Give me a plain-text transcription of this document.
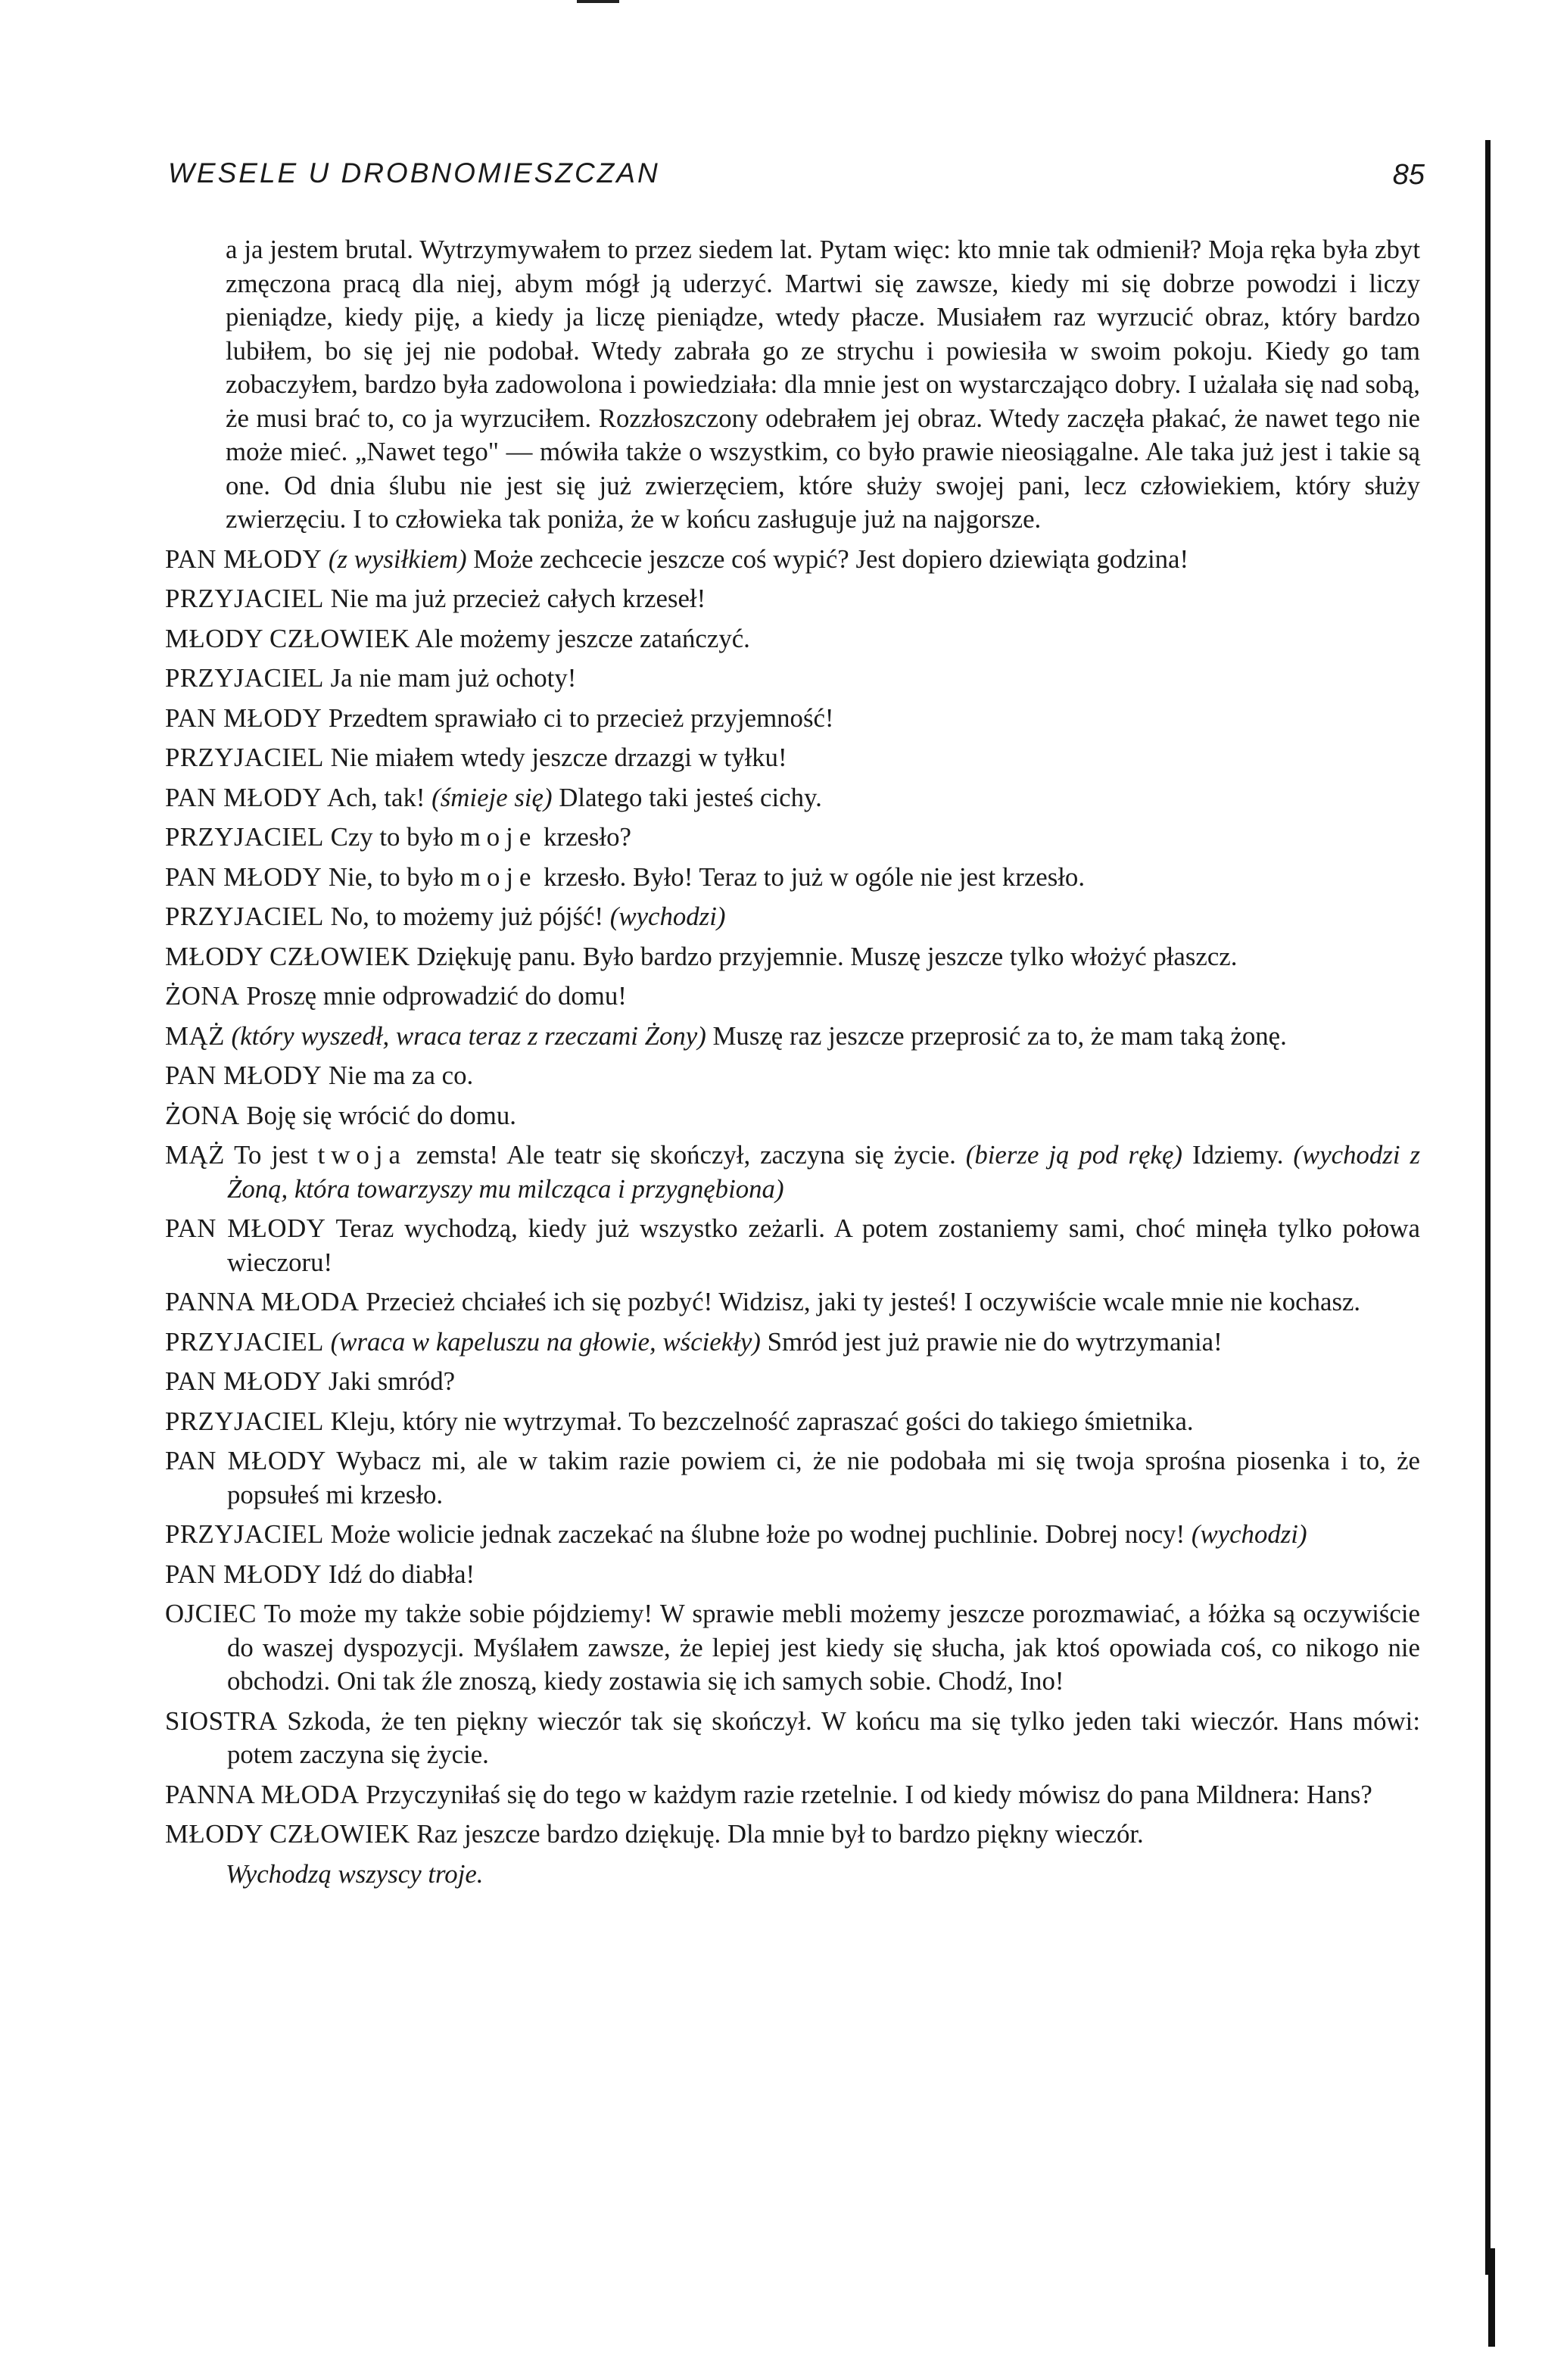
WESELE U DROBNOMIESZCZAN	85

a ja jestem brutal. Wytrzymywałem to przez siedem lat. Pytam więc: kto mnie tak odmienił? Moja ręka była zbyt zmęczona pracą dla niej, abym mógł ją uderzyć. Martwi się zawsze, kiedy mi się dobrze powodzi i liczy pieniądze, kiedy piję, a kiedy ja liczę pieniądze, wtedy płacze. Musiałem raz wyrzucić obraz, który bardzo lubiłem, bo się jej nie podobał. Wtedy zabrała go ze strychu i powiesiła w swoim pokoju. Kiedy go tam zobaczyłem, bardzo była zadowolona i powiedziała: dla mnie jest on wystarczająco dobry. I użalała się nad sobą, że musi brać to, co ja wyrzuciłem. Rozzłoszczony odebrałem jej obraz. Wtedy zaczęła płakać, że nawet tego nie może mieć. „Nawet tego" — mówiła także o wszystkim, co było prawie nieosiągalne. Ale taka już jest i takie są one. Od dnia ślubu nie jest się już zwierzęciem, które służy swojej pani, lecz człowiekiem, który służy zwierzęciu. I to człowieka tak poniża, że w końcu zasługuje już na najgorsze.

PAN MŁODY (z wysiłkiem) Może zechcecie jeszcze coś wypić? Jest dopiero dziewiąta godzina!

PRZYJACIEL Nie ma już przecież całych krzeseł!

MŁODY CZŁOWIEK Ale możemy jeszcze zatańczyć.

PRZYJACIEL Ja nie mam już ochoty!

PAN MŁODY Przedtem sprawiało ci to przecież przyjemność!

PRZYJACIEL Nie miałem wtedy jeszcze drzazgi w tyłku!

PAN MŁODY Ach, tak! (śmieje się) Dlatego taki jesteś cichy.

PRZYJACIEL Czy to było moje krzesło?

PAN MŁODY Nie, to było moje krzesło. Było! Teraz to już w ogóle nie jest krzesło.

PRZYJACIEL No, to możemy już pójść! (wychodzi)

MŁODY CZŁOWIEK Dziękuję panu. Było bardzo przyjemnie. Muszę jeszcze tylko włożyć płaszcz.

ŻONA Proszę mnie odprowadzić do domu!

MĄŻ (który wyszedł, wraca teraz z rzeczami Żony) Muszę raz jeszcze przeprosić za to, że mam taką żonę.

PAN MŁODY Nie ma za co.

ŻONA Boję się wrócić do domu.

MĄŻ To jest twoja zemsta! Ale teatr się skończył, zaczyna się życie. (bierze ją pod rękę) Idziemy. (wychodzi z Żoną, która towarzyszy mu milcząca i przygnębiona)

PAN MŁODY Teraz wychodzą, kiedy już wszystko zeżarli. A potem zostaniemy sami, choć minęła tylko połowa wieczoru!

PANNA MŁODA Przecież chciałeś ich się pozbyć! Widzisz, jaki ty jesteś! I oczywiście wcale mnie nie kochasz.

PRZYJACIEL (wraca w kapeluszu na głowie, wściekły) Smród jest już prawie nie do wytrzymania!

PAN MŁODY Jaki smród?

PRZYJACIEL Kleju, który nie wytrzymał. To bezczelność zapraszać gości do takiego śmietnika.

PAN MŁODY Wybacz mi, ale w takim razie powiem ci, że nie podobała mi się twoja sprośna piosenka i to, że popsułeś mi krzesło.

PRZYJACIEL Może wolicie jednak zaczekać na ślubne łoże po wodnej puchlinie. Dobrej nocy! (wychodzi)

PAN MŁODY Idź do diabła!

OJCIEC To może my także sobie pójdziemy! W sprawie mebli możemy jeszcze porozmawiać, a łóżka są oczywiście do waszej dyspozycji. Myślałem zawsze, że lepiej jest kiedy się słucha, jak ktoś opowiada coś, co nikogo nie obchodzi. Oni tak źle znoszą, kiedy zostawia się ich samych sobie. Chodź, Ino!

SIOSTRA Szkoda, że ten piękny wieczór tak się skończył. W końcu ma się tylko jeden taki wieczór. Hans mówi: potem zaczyna się życie.

PANNA MŁODA Przyczyniłaś się do tego w każdym razie rzetelnie. I od kiedy mówisz do pana Mildnera: Hans?

MŁODY CZŁOWIEK Raz jeszcze bardzo dziękuję. Dla mnie był to bardzo piękny wieczór.

Wychodzą wszyscy troje.
